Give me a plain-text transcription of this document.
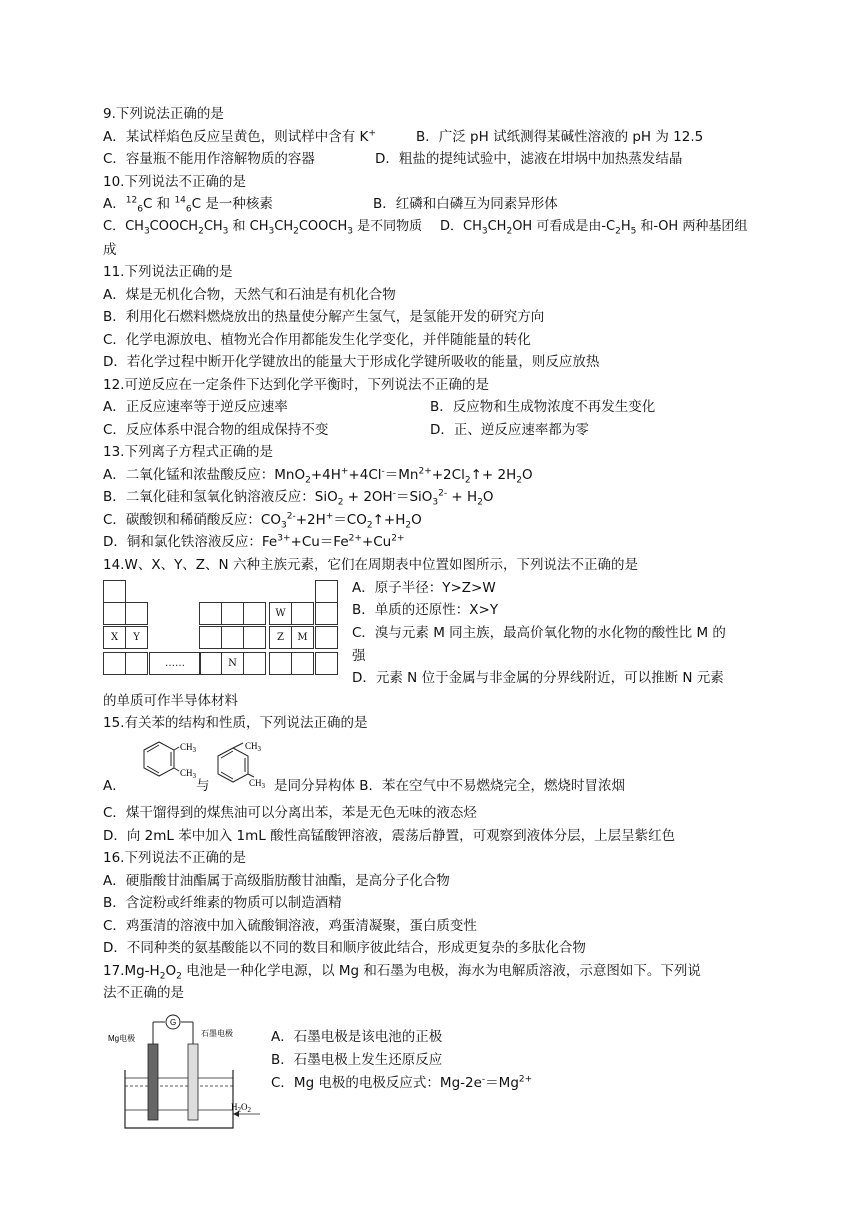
9.下列说法正确的是
A．某试样焰色反应呈黄色，则试样中含有 K+	B．广泛 pH 试纸测得某碱性溶液的 pH 为 12.5
C．容量瓶不能用作溶解物质的容器	D．粗盐的提纯试验中，滤液在坩埚中加热蒸发结晶
10.下列说法不正确的是
A．$^{12}_6$C 和 $^{14}_6$C 是一种核素	B．红磷和白磷互为同素异形体
C．$CH_3COOCH_2CH_3$ 和 $CH_3CH_2COOCH_3$ 是不同物质 D．$CH_3CH_2OH$ 可看成是由$-C_2H_5$ 和-OH 两种基团组
成
11.下列说法正确的是
A．煤是无机化合物，天然气和石油是有机化合物
B．利用化石燃料燃烧放出的热量使分解产生氢气，是氢能开发的研究方向
C．化学电源放电、植物光合作用都能发生化学变化，并伴随能量的转化
D．若化学过程中断开化学键放出的能量大于形成化学键所吸收的能量，则反应放热
12.可逆反应在一定条件下达到化学平衡时，下列说法不正确的是
A．正反应速率等于逆反应速率	B．反应物和生成物浓度不再发生变化
C．反应体系中混合物的组成保持不变	D．正、逆反应速率都为零
13.下列离子方程式正确的是
A．二氧化锰和浓盐酸反应：$MnO_2+4H^++4Cl^-=Mn^{2+}+2Cl_2↑+ 2H_2O$
B．二氧化硅和氢氧化钠溶液反应：$SiO_2 + 2OH^-=SiO_3^{2-} + H_2O$
C．碳酸钡和稀硝酸反应：$CO_3^{2-}+2H^+=CO_2↑+H_2O$
D．铜和氯化铁溶液反应：$Fe^{3+}+Cu=Fe^{2+}+Cu^{2+}$
14.W、X、Y、Z、N 六种主族元素，它们在周期表中位置如图所示，下列说法不正确的是
W
X	Y	Z	M
……	N
A．原子半径：Y>Z>W
B．单质的还原性：X>Y
C．溴与元素 M 同主族，最高价氧化物的水化物的酸性比 M 的
强
D．元素 N 位于金属与非金属的分界线附近，可以推断 N 元素
的单质可作半导体材料
15.有关苯的结构和性质，下列说法正确的是
A．
$CH_3$
$CH_3$
与
$CH_3$
$CH_3$ 是同分异构体 B．苯在空气中不易燃烧完全，燃烧时冒浓烟
C．煤干馏得到的煤焦油可以分离出苯，苯是无色无味的液态烃
D．向 2mL 苯中加入 1mL 酸性高锰酸钾溶液，震荡后静置，可观察到液体分层，上层呈紫红色
16.下列说法不正确的是
A．硬脂酸甘油酯属于高级脂肪酸甘油酯，是高分子化合物
B．含淀粉或纤维素的物质可以制造酒精
C．鸡蛋清的溶液中加入硫酸铜溶液，鸡蛋清凝聚，蛋白质变性
D．不同种类的氨基酸能以不同的数目和顺序彼此结合，形成更复杂的多肽化合物
$17.Mg-H_2O_2$ 电池是一种化学电源，以 Mg 和石墨为电极，海水为电解质溶液，示意图如下。下列说
法不正确的是
G
Mg电极
石墨电极
$H_2O_2$
A．石墨电极是该电池的正极
B．石墨电极上发生还原反应
C．Mg 电极的电极反应式：$Mg-2e^-=Mg^{2+}$
